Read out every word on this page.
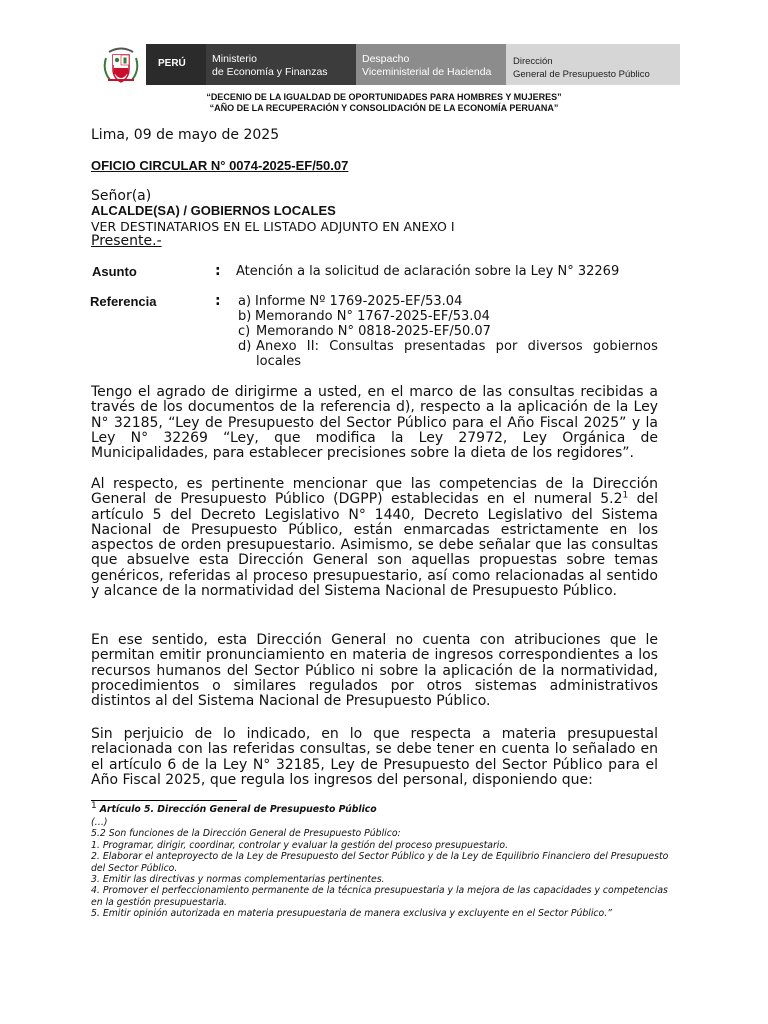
PERÚ	Ministerio
de Economía y Finanzas
Despacho
Viceministerial de Hacienda
Dirección
General de Presupuesto Público
“DECENIO DE LA IGUALDAD DE OPORTUNIDADES PARA HOMBRES Y MUJERES”
“AÑO DE LA RECUPERACIÓN Y CONSOLIDACIÓN DE LA ECONOMÍA PERUANA”
Lima, 09 de mayo de 2025
OFICIO CIRCULAR N° 0074-2025-EF/50.07
Señor(a)
ALCALDE(SA) / GOBIERNOS LOCALES
VER DESTINATARIOS EN EL LISTADO ADJUNTO EN ANEXO I
Presente.-
Asunto	: Atención a la solicitud de aclaración sobre la Ley N° 32269
Referencia	: a) Informe Nº 1769-2025-EF/53.04
b) Memorando N° 1767-2025-EF/53.04
c) Memorando N° 0818-2025-EF/50.07
d) Anexo II: Consultas presentadas por diversos gobiernos
locales
Tengo el agrado de dirigirme a usted, en el marco de las consultas recibidas a través de los documentos de la referencia d), respecto a la aplicación de la Ley N° 32185, “Ley de Presupuesto del Sector Público para el Año Fiscal 2025” y la Ley N° 32269 “Ley, que modifica la Ley 27972, Ley Orgánica de Municipalidades, para establecer precisiones sobre la dieta de los regidores”.
Al respecto, es pertinente mencionar que las competencias de la Dirección General de Presupuesto Público (DGPP) establecidas en el numeral $5.2^1$ del artículo 5 del Decreto Legislativo N° 1440, Decreto Legislativo del Sistema Nacional de Presupuesto Público, están enmarcadas estrictamente en los aspectos de orden presupuestario. Asimismo, se debe señalar que las consultas que absuelve esta Dirección General son aquellas propuestas sobre temas genéricos, referidas al proceso presupuestario, así como relacionadas al sentido y alcance de la normatividad del Sistema Nacional de Presupuesto Público.
En ese sentido, esta Dirección General no cuenta con atribuciones que le permitan emitir pronunciamiento en materia de ingresos correspondientes a los recursos humanos del Sector Público ni sobre la aplicación de la normatividad, procedimientos o similares regulados por otros sistemas administrativos distintos al del Sistema Nacional de Presupuesto Público.
Sin perjuicio de lo indicado, en lo que respecta a materia presupuestal relacionada con las referidas consultas, se debe tener en cuenta lo señalado en el artículo 6 de la Ley N° 32185, Ley de Presupuesto del Sector Público para el Año Fiscal 2025, que regula los ingresos del personal, disponiendo que:
$^1$ Artículo 5. Dirección General de Presupuesto Público
(…)
5.2 Son funciones de la Dirección General de Presupuesto Público:
1. Programar, dirigir, coordinar, controlar y evaluar la gestión del proceso presupuestario.
2. Elaborar el anteproyecto de la Ley de Presupuesto del Sector Público y de la Ley de Equilibrio Financiero del Presupuesto del Sector Público.
3. Emitir las directivas y normas complementarias pertinentes.
4. Promover el perfeccionamiento permanente de la técnica presupuestaria y la mejora de las capacidades y competencias en la gestión presupuestaria.
5. Emitir opinión autorizada en materia presupuestaria de manera exclusiva y excluyente en el Sector Público.”
